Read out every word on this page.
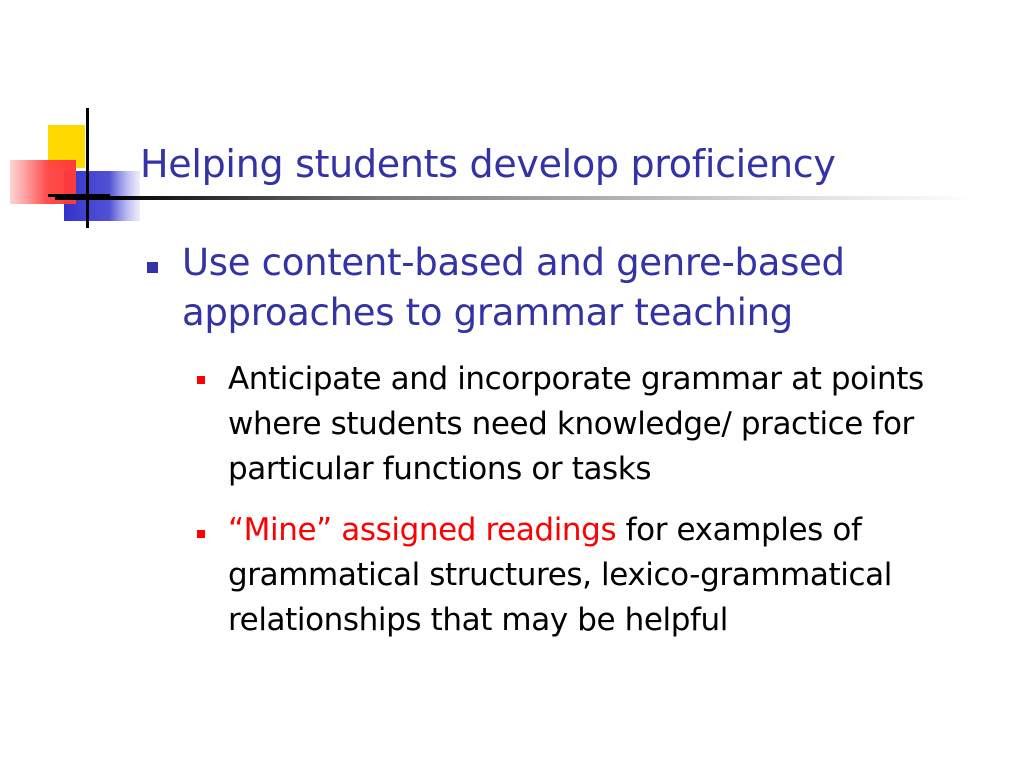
Helping students develop proficiency
Use content-based and genre-based approaches to grammar teaching
Anticipate and incorporate grammar at points where students need knowledge/ practice for particular functions or tasks
“Mine” assigned readings for examples of grammatical structures, lexico-grammatical relationships that may be helpful
